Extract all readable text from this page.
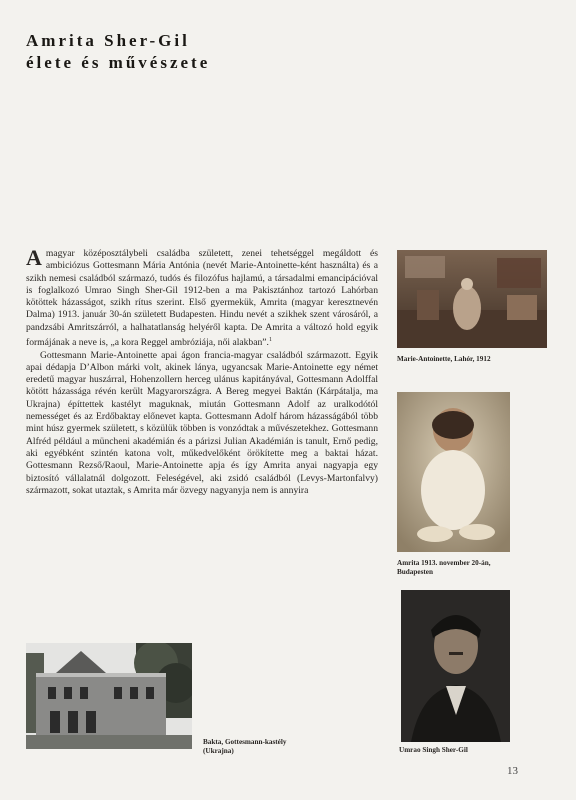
Amrita Sher-Gil
élete és művészete

A magyar középosztálybeli családba született, zenei tehetséggel megáldott és ambiciózus Gottesmann Mária Antónia (nevét Marie-Antoinette-ként használta) és a szikh nemesi családból származó, tudós és filozófus hajlamú, a társadalmi emancipációval is foglalkozó Umrao Singh Sher-Gil 1912-ben a ma Pakisztánhoz tartozó Lahórban kötöttek házasságot, szikh rítus szerint. Első gyermekük, Amrita (magyar keresztnevén Dalma) 1913. január 30-án született Budapesten. Hindu nevét a szikhek szent városáról, a pandzsábi Amritszárról, a halhatatlanság helyéről kapta. De Amrita a változó hold egyik formájának a neve is, „a kora Reggel ambróziája, női alakban”.$^1$

Gottesmann Marie-Antoinette apai ágon francia-magyar családból származott. Egyik apai dédapja D’Albon márki volt, akinek lánya, ugyancsak Marie-Antoinette egy német eredetű magyar huszárral, Hohenzollern herceg ulánus kapitányával, Gottesmann Adolffal kötött házassága révén került Magyarországra. A Bereg megyei Baktán (Kárpátalja, ma Ukrajna) építtettek kastélyt maguknak, miután Gottesmann Adolf az uralkodótól nemességet és az Erdőbaktay előnevet kapta. Gottesmann Adolf három házasságából több mint húsz gyermek született, s közülük többen is vonzódtak a művészetekhez. Gottesmann Alfréd például a müncheni akadémián és a párizsi Julian Akadémián is tanult, Ernő pedig, aki egyébként szintén katona volt, műkedvelőként örökítette meg a baktai házat. Gottesmann Rezső/Raoul, Marie-Antoinette apja és így Amrita anyai nagyapja egy biztosító vállalatnál dolgozott. Feleségével, aki zsidó családból (Levys-Martonfalvy) származott, sokat utaztak, s Amrita már özvegy nagyanyja nem is annyira

Marie-Antoinette, Lahór, 1912
Amrita 1913. november 20-án,
Budapesten
Umrao Singh Sher-Gil
Bakta, Gottesmann-kastély
(Ukrajna)
13
